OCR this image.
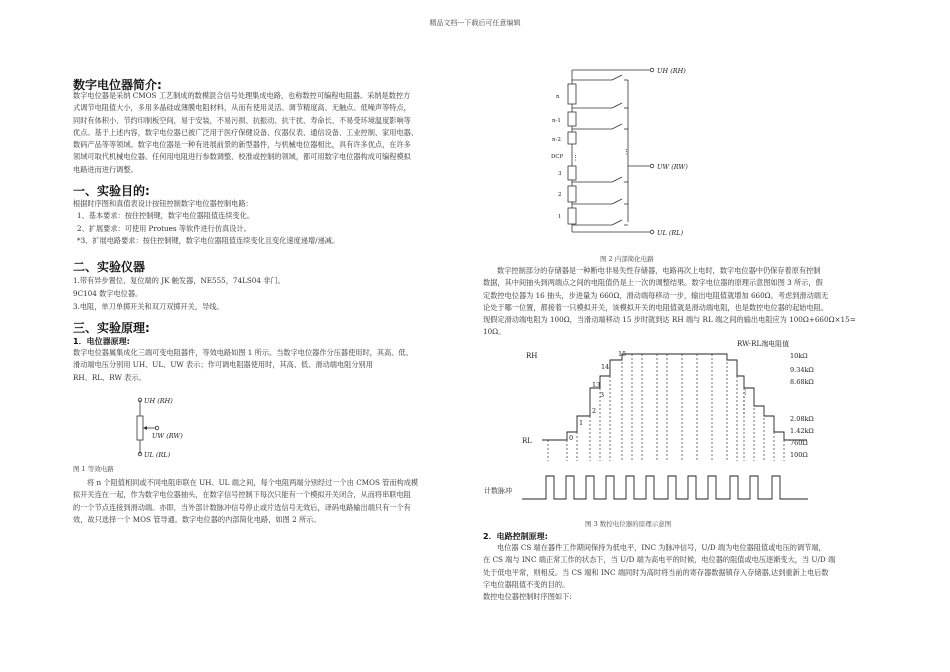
精品文档---下载后可任意编辑
数字电位器简介:
数字电位器是采纳 CMOS 工艺制成的数模混合信号处理集成电路，也称数控可编程电阻器。采纳是数控方
式调节电阻值大小，多用多晶硅或薄膜电阻材料，从而有使用灵活、调节精度高、无触点、低噪声等特点，
同时有体积小、节约印制板空间，易于安装，不易污损、抗振动、抗干扰、寿命长、不易受环境温度影响等
优点。基于上述内容，数字电位器已被广泛用于医疗保健设备、仪器仪表、通信设备、工业控制、家用电器、
数码产品等等领域。数字电位器是一种有进展前景的新型器件，与机械电位器相比，具有许多优点，在许多
领域可取代机械电位器。任何用电阻进行参数调整、校准或控制的领域，都可用数字电位器构成可编程模拟
电路进而进行调整。
一、实验目的:
根据时序图和真值表设计按钮控制数字电位器控制电路：
1、基本要求：按住控制键，数字电位器阻值连续变化。
2、扩展要求：可使用 Protues 等软件进行仿真设计。
*3、扩展电路要求：按住控制键，数字电位器阻值连续变化且变化速度递增/递减。
二、实验仪器
1.带有异步置位、复位端的 JK 触发器，NE555，74LS04 非门。
9C104 数字电位器。
3.电阻，单刀单掷开关和双刀双掷开关，导线。
三、实验原理:
1．电位器原理:
数字电位器属集成化三端可变电阻器件，等效电路如图 1 所示。当数字电位器作分压器使用时，其高、低、
滑动端电压分别用 UH、UL、UW 表示；作可调电阻器使用时，其高、低、滑动端电阻分别用
RH、RL、RW 表示。
UH (RH)
UW (RW)
UL (RL)
图 1 等效电路
将 n 个阻值相同或不同电阻串联在 UH、UL 端之间，每个电阻两端分别经过一个由 CMOS 管而构成模
拟开关连在一起，作为数字电位器抽头，在数字信号控制下每次只能有一个模拟开关闭合，从而将串联电阻
的一个节点连接到滑动端。亦即，当外部计数脉冲信号停止或片选信号无效后，译码电路输出端只有一个有
效，故只选择一个 MOS 管导通。数字电位器的内部简化电路，如图 2 所示。
⋮
⋮
UH (RH)
UW (RW)
UL (RL)
n
n-1
n-2
DCP
3
2
1
图 2 内部简化电路
数字控制部分的存储器是一种断电非易失性存储器，电路再次上电时，数字电位器中仍保存着原有控制
数据，其中间抽头到两端点之间的电阻值仍是上一次的调整结果。数字电位器的原理示意图如图 3 所示，假
定数控电位器为 16 抽头，步进量为 660Ω，滑动端每移动一步，输出电阻值就增加 660Ω。考虑到滑动端无
论处于哪一位置，都接着一只模拟开关，该模拟开关的电阻值就是滑动端电阻，也是数控电位器的起始电阻。
现假定滑动端电阻为 100Ω，当滑动端移动 15 步时就到达 RH 端与 RL 端之间的输出电阻应为 100Ω+660Ω×15=
10Ω。
RW-RL端电阻值
RH
RL	0
1
2
3
13
14
15	10kΩ
9.34kΩ
8.68kΩ
⋮
2.08kΩ
1.42kΩ
760Ω
100Ω
计数脉冲
图 3 数控电位器的原理示意图
2．电路控制原理:
电位器 CS 端在器件工作期间保持为低电平，INC 为脉冲信号，U/D 端为电位器阻值或电压的调节端，
在 CS 端与 INC 端正常工作的状态下，当 U/D 端为高电平的时候，电位器的阻值或电压逐渐变大，当 U/D 端
处于低电平常，则相反。当 CS 端和 INC 端同时为高时将当前的寄存器数据镇存入存储器,达到重新上电后数
字电位器阻值不变的目的。
数控电位器控制时序图如下:
